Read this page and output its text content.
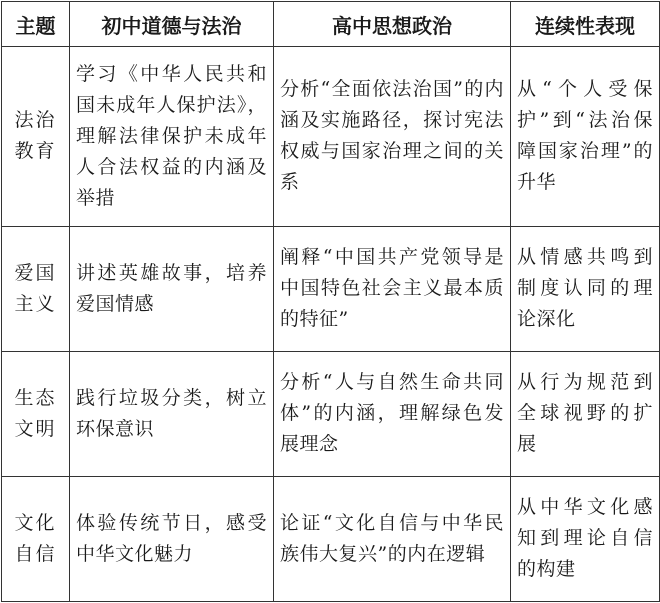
主题	初中道德与法治	高中思想政治	连续性表现
法治教育	学习《中华人民共和国未成年人保护法》，理解法律保护未成年人合法权益的内涵及举措	分析“全面依法治国”的内涵及实施路径，探讨宪法权威与国家治理之间的关系	从“个人受保护”到“法治保障国家治理”的升华
爱国主义	讲述英雄故事，培养爱国情感	阐释“中国共产党领导是中国特色社会主义最本质的特征”	从情感共鸣到制度认同的理论深化
生态文明	践行垃圾分类，树立环保意识	分析“人与自然生命共同体”的内涵，理解绿色发展理念	从行为规范到全球视野的扩展
文化自信	体验传统节日，感受中华文化魅力	论证“文化自信与中华民族伟大复兴”的内在逻辑	从中华文化感知到理论自信的构建
